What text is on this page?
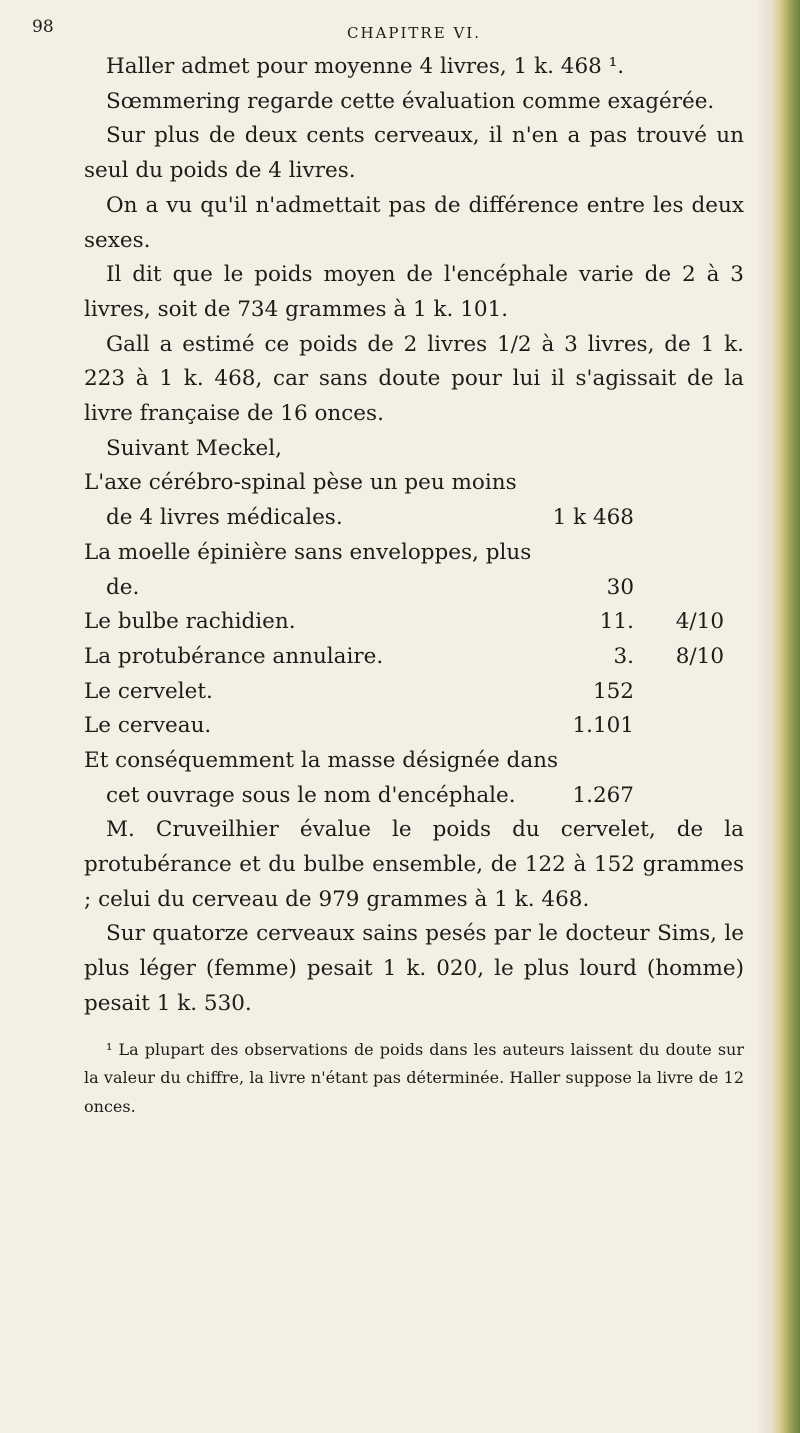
98	CHAPITRE VI.

Haller admet pour moyenne 4 livres, 1 k. 468 ¹.

Sœmmering regarde cette évaluation comme exagérée.

Sur plus de deux cents cerveaux, il n'en a pas trouvé un seul du poids de 4 livres.

On a vu qu'il n'admettait pas de différence entre les deux sexes.

Il dit que le poids moyen de l'encéphale varie de 2 à 3 livres, soit de 734 grammes à 1 k. 101.

Gall a estimé ce poids de 2 livres 1/2 à 3 livres, de 1 k. 223 à 1 k. 468, car sans doute pour lui il s'agissait de la livre française de 16 onces.

Suivant Meckel,

L'axe cérébro-spinal pèse un peu moins
de 4 livres médicales.	1 k 468
La moelle épinière sans enveloppes, plus
de.	30
Le bulbe rachidien.	11.	4/10
La protubérance annulaire.	3.	8/10
Le cervelet.	152
Le cerveau.	1.101
Et conséquemment la masse désignée dans
cet ouvrage sous le nom d'encéphale.	1.267

M. Cruveilhier évalue le poids du cervelet, de la protubérance et du bulbe ensemble, de 122 à 152 grammes ; celui du cerveau de 979 grammes à 1 k. 468.

Sur quatorze cerveaux sains pesés par le docteur Sims, le plus léger (femme) pesait 1 k. 020, le plus lourd (homme) pesait 1 k. 530.

¹ La plupart des observations de poids dans les auteurs laissent du doute sur la valeur du chiffre, la livre n'étant pas déterminée. Haller suppose la livre de 12 onces.
